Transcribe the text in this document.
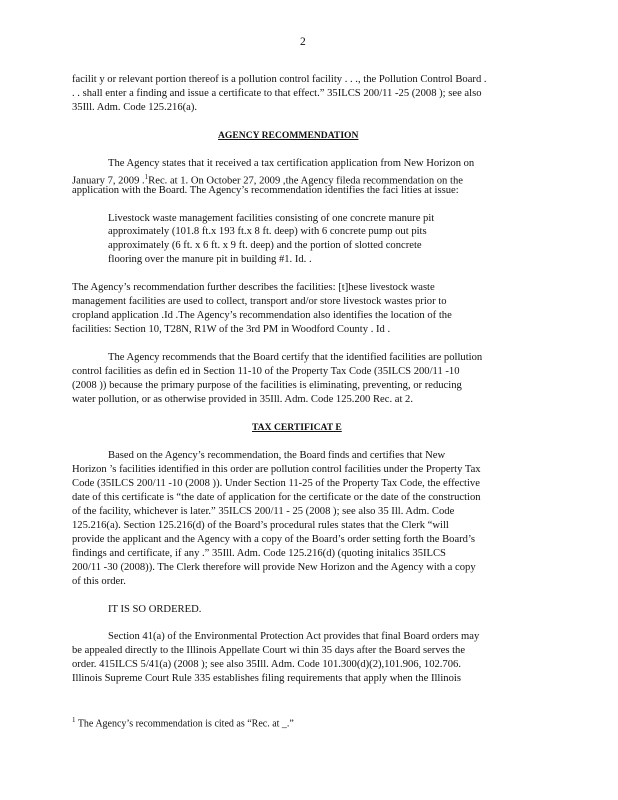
2
facilit y or relevant portion thereof is a pollution control facility . . ., the Pollution Control Board .
. . shall enter a finding and issue a certificate to that effect.” 35ILCS 200/11 -25 (2008 ); see also
35Ill. Adm. Code 125.216(a).
AGENCY RECOMMENDATION
The Agency states that it received a tax certification application from New Horizon on
January 7, 2009 .$^1$Rec. at 1. On October 27, 2009 ,the Agency fileda recommendation on the
application with the Board. The Agency’s recommendation identifies the faci lities at issue:
Livestock waste management facilities consisting of one concrete manure pit
approximately (101.8 ft.x 193 ft.x 8 ft. deep) with 6 concrete pump out pits
approximately (6 ft. x 6 ft. x 9 ft. deep) and the portion of slotted concrete
flooring over the manure pit in building #1. Id. .
The Agency’s recommendation further describes the facilities: [t]hese livestock waste
management facilities are used to collect, transport and/or store livestock wastes prior to
cropland application .Id .The Agency’s recommendation also identifies the location of the
facilities: Section 10, T28N, R1W of the 3rd PM in Woodford County . Id .
The Agency recommends that the Board certify that the identified facilities are pollution
control facilities as defin ed in Section 11-10 of the Property Tax Code (35ILCS 200/11 -10
(2008 )) because the primary purpose of the facilities is eliminating, preventing, or reducing
water pollution, or as otherwise provided in 35Ill. Adm. Code 125.200 Rec. at 2.
TAX CERTIFICAT E
Based on the Agency’s recommendation, the Board finds and certifies that New
Horizon ’s facilities identified in this order are pollution control facilities under the Property Tax
Code (35ILCS 200/11 -10 (2008 )). Under Section 11-25 of the Property Tax Code, the effective
date of this certificate is “the date of application for the certificate or the date of the construction
of the facility, whichever is later.” 35ILCS 200/11 - 25 (2008 ); see also 35 Ill. Adm. Code
125.216(a). Section 125.216(d) of the Board’s procedural rules states that the Clerk “will
provide the applicant and the Agency with a copy of the Board’s order setting forth the Board’s
findings and certificate, if any .” 35Ill. Adm. Code 125.216(d) (quoting initalics 35ILCS
200/11 -30 (2008)). The Clerk therefore will provide New Horizon and the Agency with a copy
of this order.
IT IS SO ORDERED.
Section 41(a) of the Environmental Protection Act provides that final Board orders may
be appealed directly to the Illinois Appellate Court wi thin 35 days after the Board serves the
order. 415ILCS 5/41(a) (2008 ); see also 35Ill. Adm. Code 101.300(d)(2),101.906, 102.706.
Illinois Supreme Court Rule 335 establishes filing requirements that apply when the Illinois
$^1$ The Agency’s recommendation is cited as “Rec. at _.”
